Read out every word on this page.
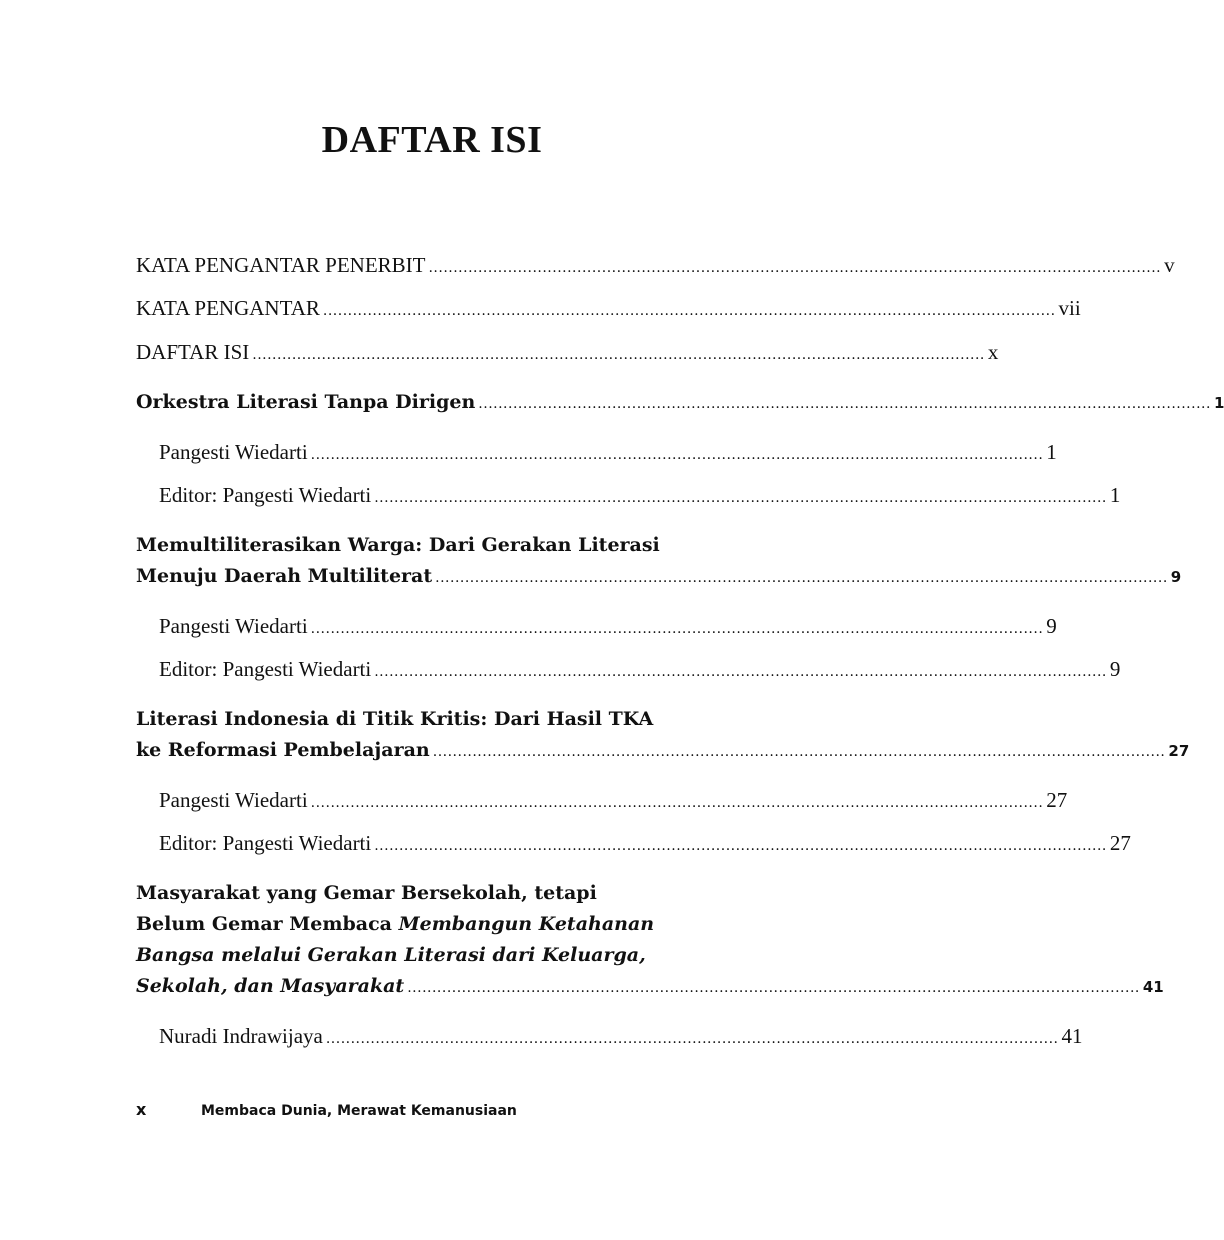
DAFTAR ISI
KATA PENGANTAR PENERBIT .................................................................................................................................................... v
KATA PENGANTAR .................................................................................................................................................... vii
DAFTAR ISI .................................................................................................................................................... x
Orkestra Literasi Tanpa Dirigen .................................................................................................................................................... 1
Pangesti Wiedarti .................................................................................................................................................... 1
Editor: Pangesti Wiedarti .................................................................................................................................................... 1
Memultiliterasikan Warga: Dari Gerakan Literasi
Menuju Daerah Multiliterat .................................................................................................................................................... 9
Pangesti Wiedarti .................................................................................................................................................... 9
Editor: Pangesti Wiedarti .................................................................................................................................................... 9
Literasi Indonesia di Titik Kritis: Dari Hasil TKA
ke Reformasi Pembelajaran .................................................................................................................................................... 27
Pangesti Wiedarti .................................................................................................................................................... 27
Editor: Pangesti Wiedarti .................................................................................................................................................... 27
Masyarakat yang Gemar Bersekolah, tetapi
Belum Gemar Membaca Membangun Ketahanan
Bangsa melalui Gerakan Literasi dari Keluarga,
Sekolah, dan Masyarakat .................................................................................................................................................... 41
Nuradi Indrawijaya .................................................................................................................................................... 41
x	Membaca Dunia, Merawat Kemanusiaan
